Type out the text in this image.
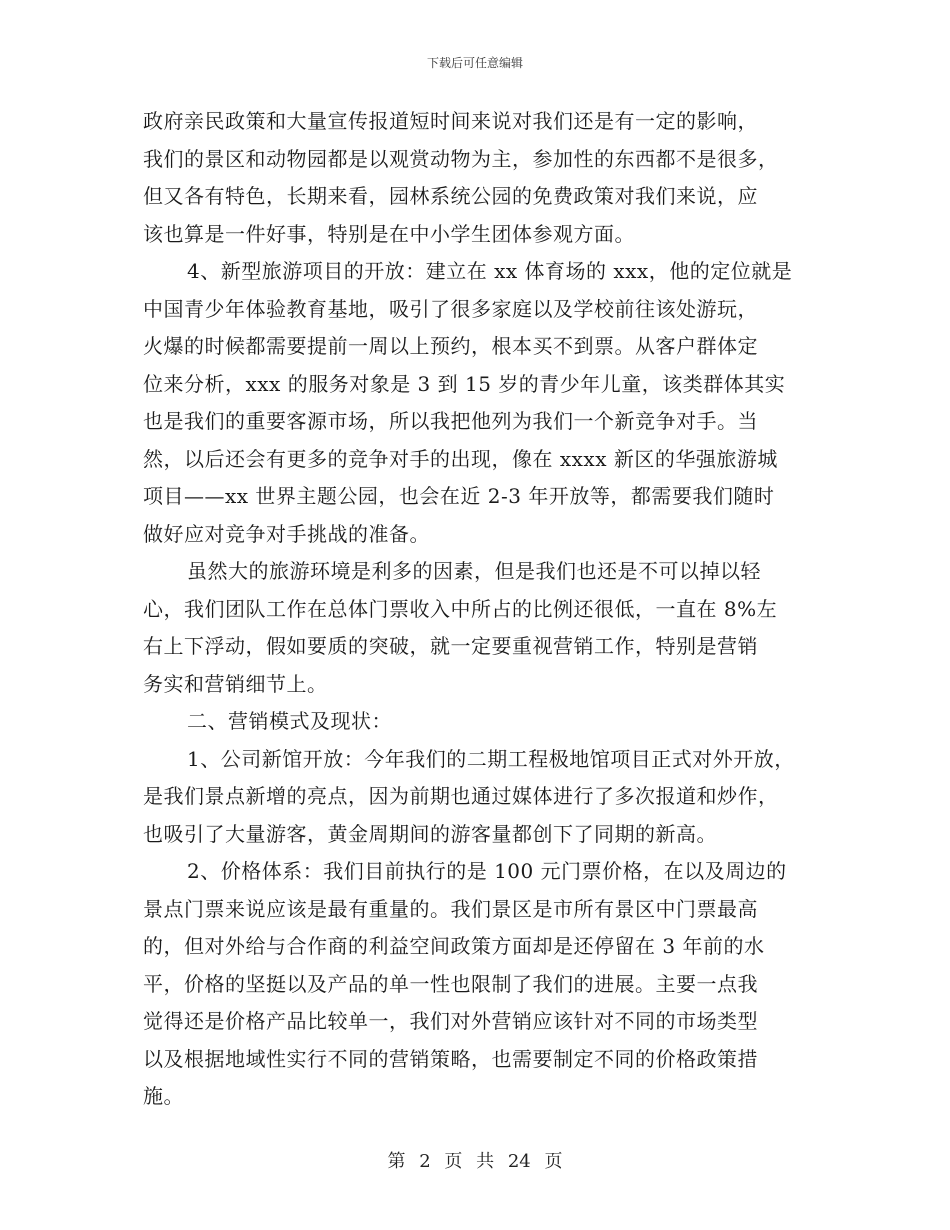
下载后可任意编辑
政府亲民政策和大量宣传报道短时间来说对我们还是有一定的影响，
我们的景区和动物园都是以观赏动物为主，参加性的东西都不是很多，
但又各有特色，长期来看，园林系统公园的免费政策对我们来说，应
该也算是一件好事，特别是在中小学生团体参观方面。
4、新型旅游项目的开放：建立在 xx 体育场的 xxx，他的定位就是
中国青少年体验教育基地，吸引了很多家庭以及学校前往该处游玩，
火爆的时候都需要提前一周以上预约，根本买不到票。从客户群体定
位来分析，xxx 的服务对象是 3 到 15 岁的青少年儿童，该类群体其实
也是我们的重要客源市场，所以我把他列为我们一个新竞争对手。当
然，以后还会有更多的竞争对手的出现，像在 xxxx 新区的华强旅游城
项目——xx 世界主题公园，也会在近 2-3 年开放等，都需要我们随时
做好应对竞争对手挑战的准备。
虽然大的旅游环境是利多的因素，但是我们也还是不可以掉以轻
心，我们团队工作在总体门票收入中所占的比例还很低，一直在 8%左
右上下浮动，假如要质的突破，就一定要重视营销工作，特别是营销
务实和营销细节上。
二、营销模式及现状：
1、公司新馆开放：今年我们的二期工程极地馆项目正式对外开放，
是我们景点新增的亮点，因为前期也通过媒体进行了多次报道和炒作，
也吸引了大量游客，黄金周期间的游客量都创下了同期的新高。
2、价格体系：我们目前执行的是 100 元门票价格，在以及周边的
景点门票来说应该是最有重量的。我们景区是市所有景区中门票最高
的，但对外给与合作商的利益空间政策方面却是还停留在 3 年前的水
平，价格的坚挺以及产品的单一性也限制了我们的进展。主要一点我
觉得还是价格产品比较单一，我们对外营销应该针对不同的市场类型
以及根据地域性实行不同的营销策略，也需要制定不同的价格政策措
施。
第 2 页 共 24 页
